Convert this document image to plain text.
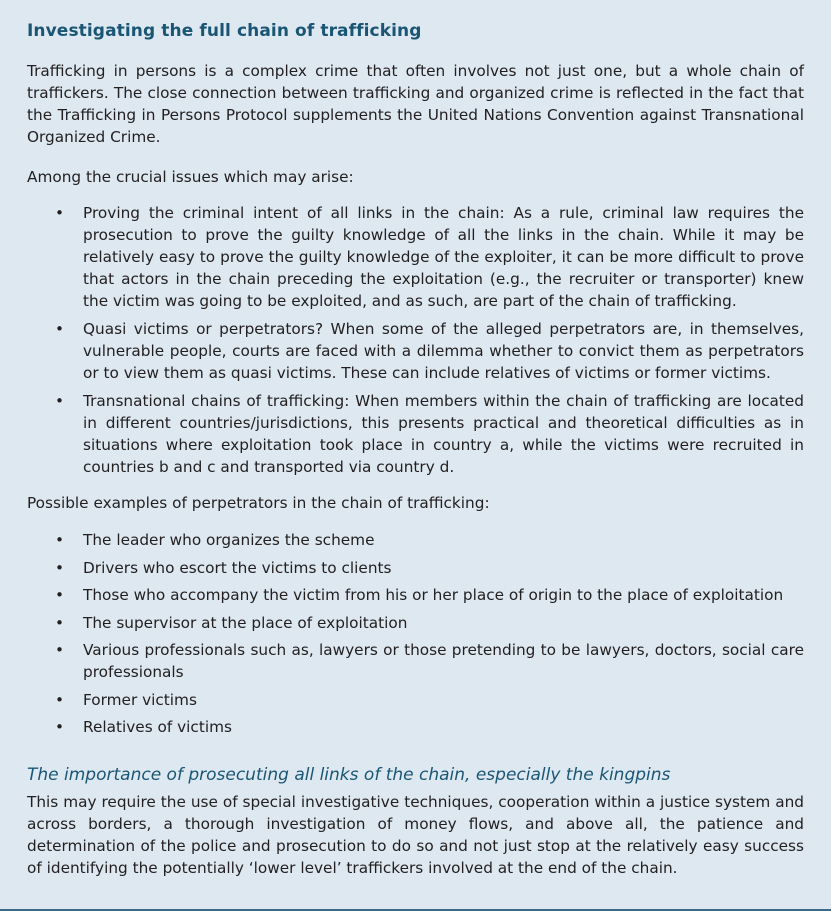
Investigating the full chain of trafficking

Trafficking in persons is a complex crime that often involves not just one, but a whole chain of traffickers. The close connection between trafficking and organized crime is reflected in the fact that the Trafficking in Persons Protocol supplements the United Nations Convention against Transnational Organized Crime.

Among the crucial issues which may arise:

• Proving the criminal intent of all links in the chain: As a rule, criminal law requires the prosecution to prove the guilty knowledge of all the links in the chain. While it may be relatively easy to prove the guilty knowledge of the exploiter, it can be more difficult to prove that actors in the chain preceding the exploitation (e.g., the recruiter or transporter) knew the victim was going to be exploited, and as such, are part of the chain of trafficking.
• Quasi victims or perpetrators? When some of the alleged perpetrators are, in themselves, vulnerable people, courts are faced with a dilemma whether to convict them as perpetrators or to view them as quasi victims. These can include relatives of victims or former victims.
• Transnational chains of trafficking: When members within the chain of trafficking are located in different countries/jurisdictions, this presents practical and theoretical difficulties as in situations where exploitation took place in country a, while the victims were recruited in countries b and c and transported via country d.

Possible examples of perpetrators in the chain of trafficking:

• The leader who organizes the scheme
• Drivers who escort the victims to clients
• Those who accompany the victim from his or her place of origin to the place of exploitation
• The supervisor at the place of exploitation
• Various professionals such as, lawyers or those pretending to be lawyers, doctors, social care professionals
• Former victims
• Relatives of victims
The importance of prosecuting all links of the chain, especially the kingpins

This may require the use of special investigative techniques, cooperation within a justice system and across borders, a thorough investigation of money flows, and above all, the patience and determination of the police and prosecution to do so and not just stop at the relatively easy success of identifying the potentially ‘lower level’ traffickers involved at the end of the chain.
